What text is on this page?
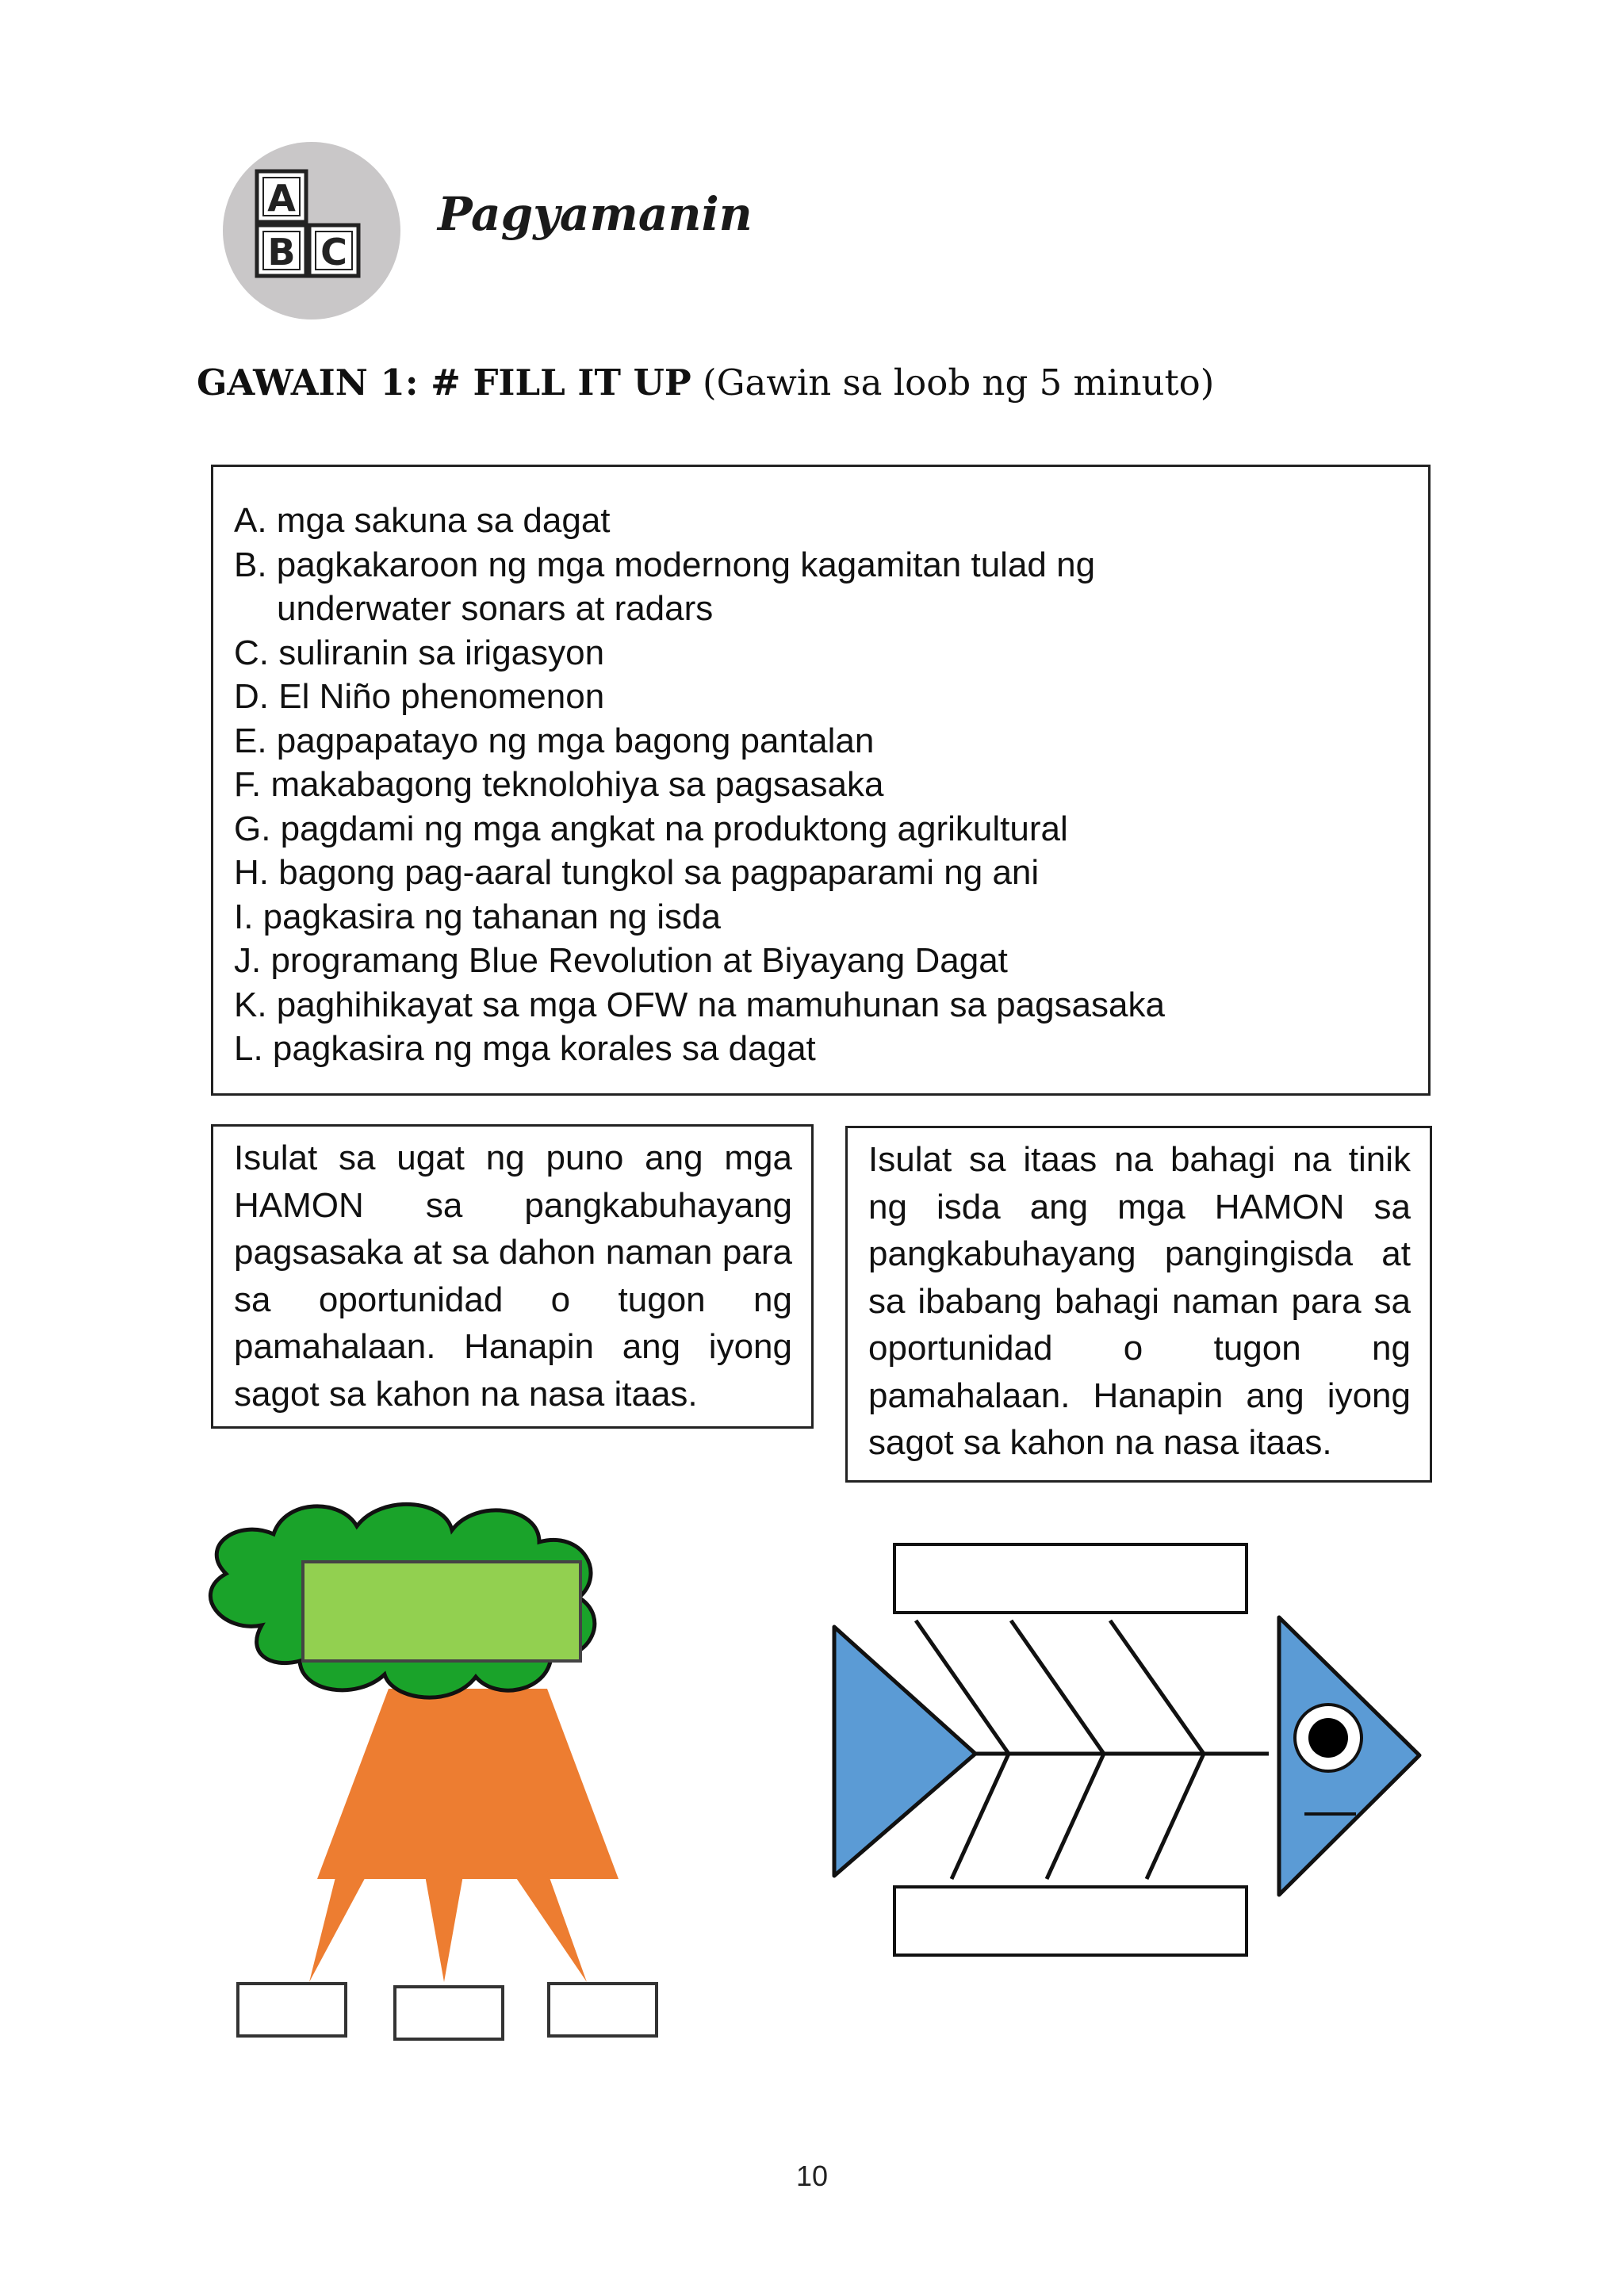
A
B C
Pagyamanin
GAWAIN 1: # FILL IT UP (Gawin sa loob ng 5 minuto)
A. mga sakuna sa dagat
B. pagkakaroon ng mga modernong kagamitan tulad ng
underwater sonars at radars
C. suliranin sa irigasyon
D. El Niño phenomenon
E. pagpapatayo ng mga bagong pantalan
F. makabagong teknolohiya sa pagsasaka
G. pagdami ng mga angkat na produktong agrikultural
H. bagong pag-aaral tungkol sa pagpaparami ng ani
I. pagkasira ng tahanan ng isda
J. programang Blue Revolution at Biyayang Dagat
K. paghihikayat sa mga OFW na mamuhunan sa pagsasaka
L. pagkasira ng mga korales sa dagat
Isulat sa ugat ng puno ang mga HAMON sa pangkabuhayang pagsasaka at sa dahon naman para sa oportunidad o tugon ng pamahalaan. Hanapin ang iyong sagot sa kahon na nasa itaas.
Isulat sa itaas na bahagi na tinik ng isda ang mga HAMON sa pangkabuhayang pangingisda at sa ibabang bahagi naman para sa oportunidad o tugon ng pamahalaan. Hanapin ang iyong sagot sa kahon na nasa itaas.
10
